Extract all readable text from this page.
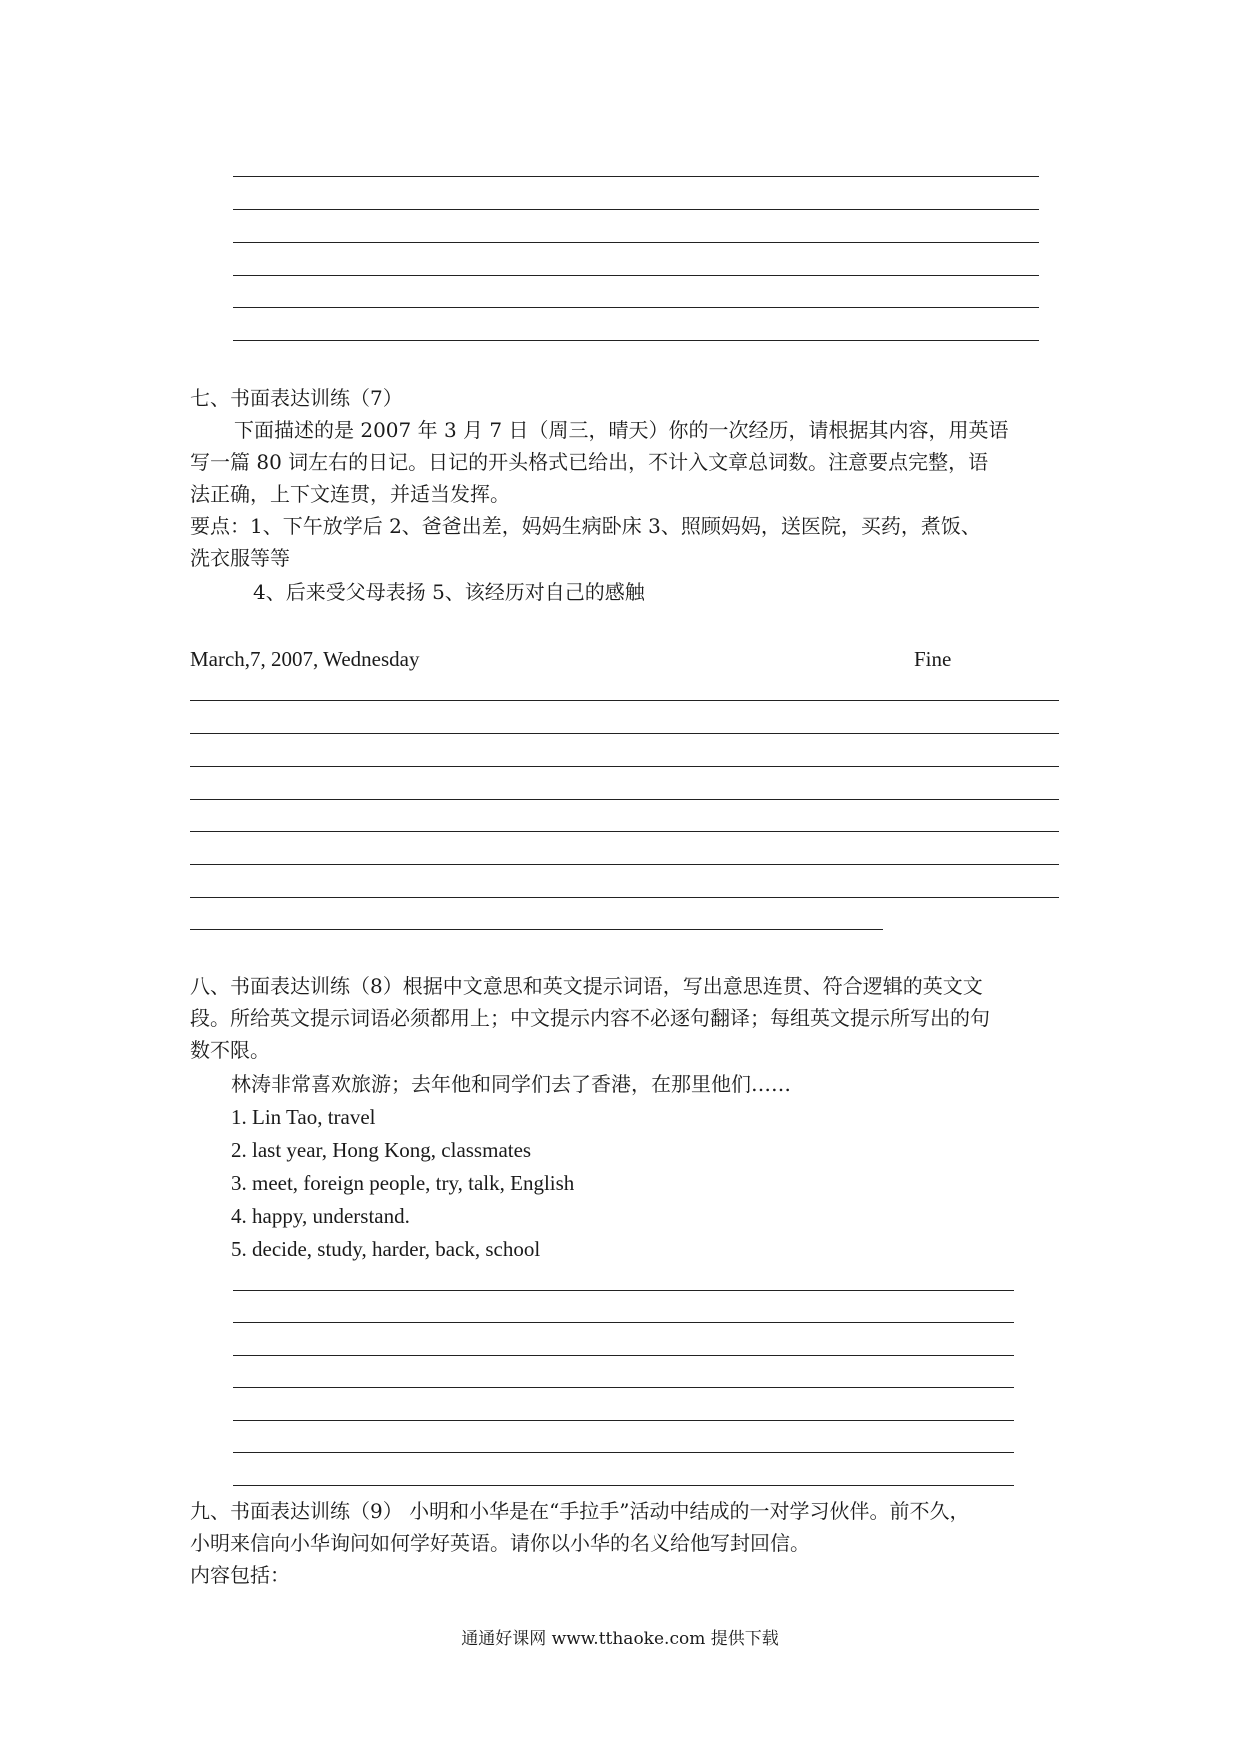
七、书面表达训练（7）
下面描述的是 2007 年 3 月 7 日（周三，晴天）你的一次经历，请根据其内容，用英语
写一篇 80 词左右的日记。日记的开头格式已给出，不计入文章总词数。注意要点完整，语
法正确，上下文连贯，并适当发挥。
要点：1、下午放学后 2、爸爸出差，妈妈生病卧床 3、照顾妈妈，送医院，买药，煮饭、
洗衣服等等
4、后来受父母表扬 5、该经历对自己的感触
March,7, 2007, Wednesday	Fine
八、书面表达训练（8）根据中文意思和英文提示词语，写出意思连贯、符合逻辑的英文文
段。所给英文提示词语必须都用上；中文提示内容不必逐句翻译；每组英文提示所写出的句
数不限。
林涛非常喜欢旅游；去年他和同学们去了香港，在那里他们……
1. Lin Tao, travel
2. last year, Hong Kong, classmates
3. meet, foreign people, try, talk, English
4. happy, understand.
5. decide, study, harder, back, school
九、书面表达训练（9） 小明和小华是在“手拉手”活动中结成的一对学习伙伴。前不久，
小明来信向小华询问如何学好英语。请你以小华的名义给他写封回信。
内容包括：
通通好课网 www.tthaoke.com 提供下载
